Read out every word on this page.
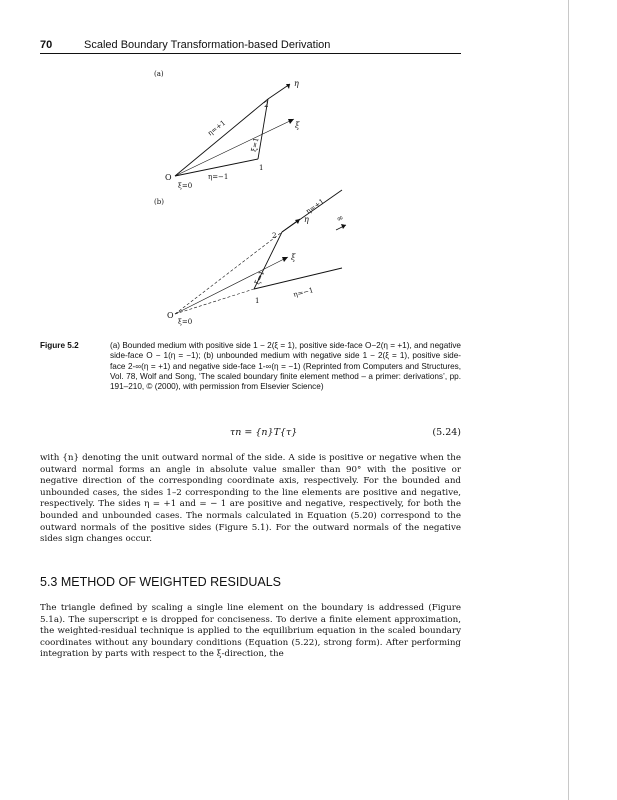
70	Scaled Boundary Transformation-based Derivation
(a)
η
ξ
2
1
O
η=+1
ξ=1
η=−1
ξ=0
(b)
η
ξ
2
1
O
η=+1
ξ=1
η=−1
ξ=0
∞
Figure 5.2	(a) Bounded medium with positive side 1 − 2(ξ = 1), positive side-face O−2(η = +1), and negative side-face O − 1(η = −1); (b) unbounded medium with negative side 1 − 2(ξ = 1), positive side-face 2-∞(η = +1) and negative side-face 1-∞(η = −1) (Reprinted from Computers and Structures, Vol. 78, Wolf and Song, ‘The scaled boundary finite element method – a primer: derivations’, pp. 191–210, © (2000), with permission from Elsevier Science)
τn = {n}T{τ}	(5.24)
with {n} denoting the unit outward normal of the side. A side is positive or negative when the outward normal forms an angle in absolute value smaller than 90° with the positive or negative direction of the corresponding coordinate axis, respectively. For the bounded and unbounded cases, the sides 1–2 corresponding to the line elements are positive and negative, respectively. The sides η = +1 and = − 1 are positive and negative, respectively, for both the bounded and unbounded cases. The normals calculated in Equation (5.20) correspond to the outward normals of the positive sides (Figure 5.1). For the outward normals of the negative sides sign changes occur.
5.3 METHOD OF WEIGHTED RESIDUALS
The triangle defined by scaling a single line element on the boundary is addressed (Figure 5.1a). The superscript e is dropped for conciseness. To derive a finite element approximation, the weighted-residual technique is applied to the equilibrium equation in the scaled boundary coordinates without any boundary conditions (Equation (5.22), strong form). After performing integration by parts with respect to the ξ-direction, the
